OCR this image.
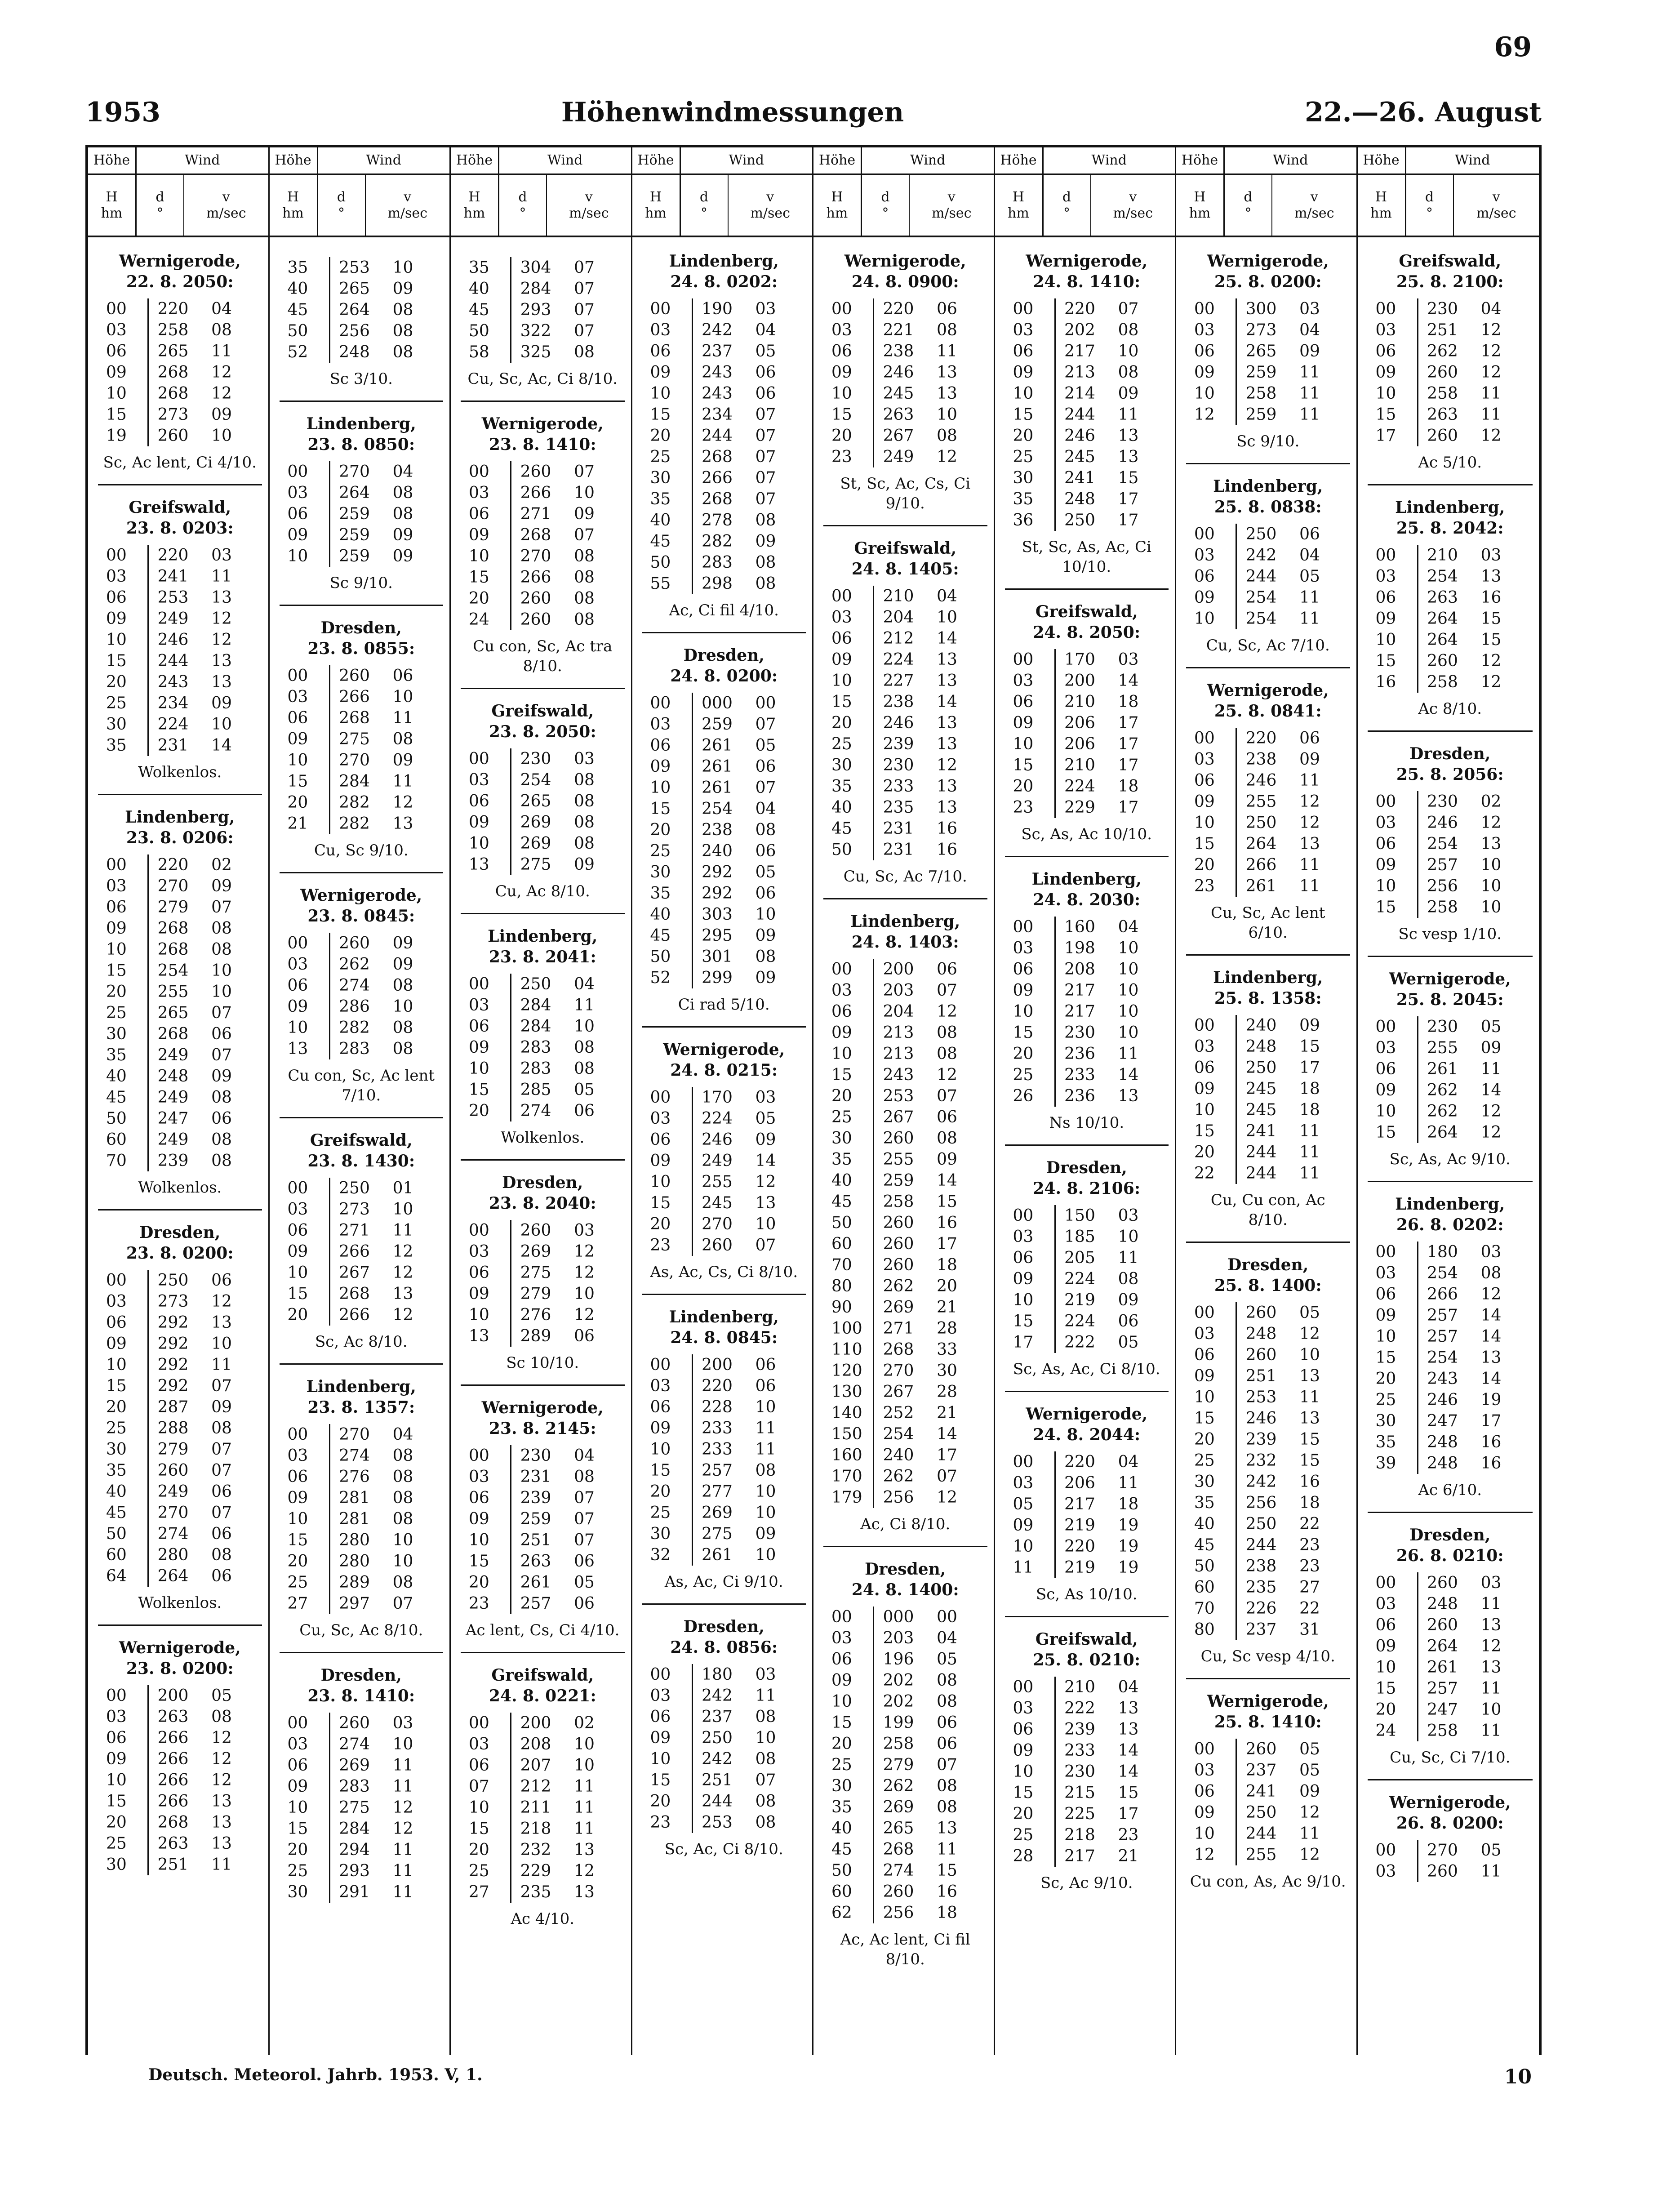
69
1953	Höhenwindmessungen	22.—26. August
Höhe	Wind
H
hm
d
°
v
m/sec
Wernigerode,
22. 8. 2050:
00	220	04
03	258	08
06	265	11
09	268	12
10	268	12
15	273	09
19	260	10
Sc, Ac lent, Ci 4/10.
Greifswald,
23. 8. 0203:
00	220	03
03	241	11
06	253	13
09	249	12
10	246	12
15	244	13
20	243	13
25	234	09
30	224	10
35	231	14
Wolkenlos.
Lindenberg,
23. 8. 0206:
00	220	02
03	270	09
06	279	07
09	268	08
10	268	08
15	254	10
20	255	10
25	265	07
30	268	06
35	249	07
40	248	09
45	249	08
50	247	06
60	249	08
70	239	08
Wolkenlos.
Dresden,
23. 8. 0200:
00	250	06
03	273	12
06	292	13
09	292	10
10	292	11
15	292	07
20	287	09
25	288	08
30	279	07
35	260	07
40	249	06
45	270	07
50	274	06
60	280	08
64	264	06
Wolkenlos.
Wernigerode,
23. 8. 0200:
00	200	05
03	263	08
06	266	12
09	266	12
10	266	12
15	266	13
20	268	13
25	263	13
30	251	11
Höhe	Wind
H
hm
d
°
v
m/sec
35	253	10
40	265	09
45	264	08
50	256	08
52	248	08
Sc 3/10.
Lindenberg,
23. 8. 0850:
00	270	04
03	264	08
06	259	08
09	259	09
10	259	09
Sc 9/10.
Dresden,
23. 8. 0855:
00	260	06
03	266	10
06	268	11
09	275	08
10	270	09
15	284	11
20	282	12
21	282	13
Cu, Sc 9/10.
Wernigerode,
23. 8. 0845:
00	260	09
03	262	09
06	274	08
09	286	10
10	282	08
13	283	08
Cu con, Sc, Ac lent 7/10.
Greifswald,
23. 8. 1430:
00	250	01
03	273	10
06	271	11
09	266	12
10	267	12
15	268	13
20	266	12
Sc, Ac 8/10.
Lindenberg,
23. 8. 1357:
00	270	04
03	274	08
06	276	08
09	281	08
10	281	08
15	280	10
20	280	10
25	289	08
27	297	07
Cu, Sc, Ac 8/10.
Dresden,
23. 8. 1410:
00	260	03
03	274	10
06	269	11
09	283	11
10	275	12
15	284	12
20	294	11
25	293	11
30	291	11
Höhe	Wind
H
hm
d
°
v
m/sec
35	304	07
40	284	07
45	293	07
50	322	07
58	325	08
Cu, Sc, Ac, Ci 8/10.
Wernigerode,
23. 8. 1410:
00	260	07
03	266	10
06	271	09
09	268	07
10	270	08
15	266	08
20	260	08
24	260	08
Cu con, Sc, Ac tra 8/10.
Greifswald,
23. 8. 2050:
00	230	03
03	254	08
06	265	08
09	269	08
10	269	08
13	275	09
Cu, Ac 8/10.
Lindenberg,
23. 8. 2041:
00	250	04
03	284	11
06	284	10
09	283	08
10	283	08
15	285	05
20	274	06
Wolkenlos.
Dresden,
23. 8. 2040:
00	260	03
03	269	12
06	275	12
09	279	10
10	276	12
13	289	06
Sc 10/10.
Wernigerode,
23. 8. 2145:
00	230	04
03	231	08
06	239	07
09	259	07
10	251	07
15	263	06
20	261	05
23	257	06
Ac lent, Cs, Ci 4/10.
Greifswald,
24. 8. 0221:
00	200	02
03	208	10
06	207	10
07	212	11
10	211	11
15	218	11
20	232	13
25	229	12
27	235	13
Ac 4/10.
Höhe	Wind
H
hm
d
°
v
m/sec
Lindenberg,
24. 8. 0202:
00	190	03
03	242	04
06	237	05
09	243	06
10	243	06
15	234	07
20	244	07
25	268	07
30	266	07
35	268	07
40	278	08
45	282	09
50	283	08
55	298	08
Ac, Ci fil 4/10.
Dresden,
24. 8. 0200:
00	000	00
03	259	07
06	261	05
09	261	06
10	261	07
15	254	04
20	238	08
25	240	06
30	292	05
35	292	06
40	303	10
45	295	09
50	301	08
52	299	09
Ci rad 5/10.
Wernigerode,
24. 8. 0215:
00	170	03
03	224	05
06	246	09
09	249	14
10	255	12
15	245	13
20	270	10
23	260	07
As, Ac, Cs, Ci 8/10.
Lindenberg,
24. 8. 0845:
00	200	06
03	220	06
06	228	10
09	233	11
10	233	11
15	257	08
20	277	10
25	269	10
30	275	09
32	261	10
As, Ac, Ci 9/10.
Dresden,
24. 8. 0856:
00	180	03
03	242	11
06	237	08
09	250	10
10	242	08
15	251	07
20	244	08
23	253	08
Sc, Ac, Ci 8/10.
Höhe	Wind
H
hm
d
°
v
m/sec
Wernigerode,
24. 8. 0900:
00	220	06
03	221	08
06	238	11
09	246	13
10	245	13
15	263	10
20	267	08
23	249	12
St, Sc, Ac, Cs, Ci 9/10.
Greifswald,
24. 8. 1405:
00	210	04
03	204	10
06	212	14
09	224	13
10	227	13
15	238	14
20	246	13
25	239	13
30	230	12
35	233	13
40	235	13
45	231	16
50	231	16
Cu, Sc, Ac 7/10.
Lindenberg,
24. 8. 1403:
00	200	06
03	203	07
06	204	12
09	213	08
10	213	08
15	243	12
20	253	07
25	267	06
30	260	08
35	255	09
40	259	14
45	258	15
50	260	16
60	260	17
70	260	18
80	262	20
90	269	21
100	271	28
110	268	33
120	270	30
130	267	28
140	252	21
150	254	14
160	240	17
170	262	07
179	256	12
Ac, Ci 8/10.
Dresden,
24. 8. 1400:
00	000	00
03	203	04
06	196	05
09	202	08
10	202	08
15	199	06
20	258	06
25	279	07
30	262	08
35	269	08
40	265	13
45	268	11
50	274	15
60	260	16
62	256	18
Ac, Ac lent, Ci fil 8/10.
Höhe	Wind
H
hm
d
°
v
m/sec
Wernigerode,
24. 8. 1410:
00	220	07
03	202	08
06	217	10
09	213	08
10	214	09
15	244	11
20	246	13
25	245	13
30	241	15
35	248	17
36	250	17
St, Sc, As, Ac, Ci 10/10.
Greifswald,
24. 8. 2050:
00	170	03
03	200	14
06	210	18
09	206	17
10	206	17
15	210	17
20	224	18
23	229	17
Sc, As, Ac 10/10.
Lindenberg,
24. 8. 2030:
00	160	04
03	198	10
06	208	10
09	217	10
10	217	10
15	230	10
20	236	11
25	233	14
26	236	13
Ns 10/10.
Dresden,
24. 8. 2106:
00	150	03
03	185	10
06	205	11
09	224	08
10	219	09
15	224	06
17	222	05
Sc, As, Ac, Ci 8/10.
Wernigerode,
24. 8. 2044:
00	220	04
03	206	11
05	217	18
09	219	19
10	220	19
11	219	19
Sc, As 10/10.
Greifswald,
25. 8. 0210:
00	210	04
03	222	13
06	239	13
09	233	14
10	230	14
15	215	15
20	225	17
25	218	23
28	217	21
Sc, Ac 9/10.
Höhe	Wind
H
hm
d
°
v
m/sec
Wernigerode,
25. 8. 0200:
00	300	03
03	273	04
06	265	09
09	259	11
10	258	11
12	259	11
Sc 9/10.
Lindenberg,
25. 8. 0838:
00	250	06
03	242	04
06	244	05
09	254	11
10	254	11
Cu, Sc, Ac 7/10.
Wernigerode,
25. 8. 0841:
00	220	06
03	238	09
06	246	11
09	255	12
10	250	12
15	264	13
20	266	11
23	261	11
Cu, Sc, Ac lent 6/10.
Lindenberg,
25. 8. 1358:
00	240	09
03	248	15
06	250	17
09	245	18
10	245	18
15	241	11
20	244	11
22	244	11
Cu, Cu con, Ac 8/10.
Dresden,
25. 8. 1400:
00	260	05
03	248	12
06	260	10
09	251	13
10	253	11
15	246	13
20	239	15
25	232	15
30	242	16
35	256	18
40	250	22
45	244	23
50	238	23
60	235	27
70	226	22
80	237	31
Cu, Sc vesp 4/10.
Wernigerode,
25. 8. 1410:
00	260	05
03	237	05
06	241	09
09	250	12
10	244	11
12	255	12
Cu con, As, Ac 9/10.
Höhe	Wind
H
hm
d
°
v
m/sec
Greifswald,
25. 8. 2100:
00	230	04
03	251	12
06	262	12
09	260	12
10	258	11
15	263	11
17	260	12
Ac 5/10.
Lindenberg,
25. 8. 2042:
00	210	03
03	254	13
06	263	16
09	264	15
10	264	15
15	260	12
16	258	12
Ac 8/10.
Dresden,
25. 8. 2056:
00	230	02
03	246	12
06	254	13
09	257	10
10	256	10
15	258	10
Sc vesp 1/10.
Wernigerode,
25. 8. 2045:
00	230	05
03	255	09
06	261	11
09	262	14
10	262	12
15	264	12
Sc, As, Ac 9/10.
Lindenberg,
26. 8. 0202:
00	180	03
03	254	08
06	266	12
09	257	14
10	257	14
15	254	13
20	243	14
25	246	19
30	247	17
35	248	16
39	248	16
Ac 6/10.
Dresden,
26. 8. 0210:
00	260	03
03	248	11
06	260	13
09	264	12
10	261	13
15	257	11
20	247	10
24	258	11
Cu, Sc, Ci 7/10.
Wernigerode,
26. 8. 0200:
00	270	05
03	260	11
Deutsch. Meteorol. Jahrb. 1953. V, 1.	10
